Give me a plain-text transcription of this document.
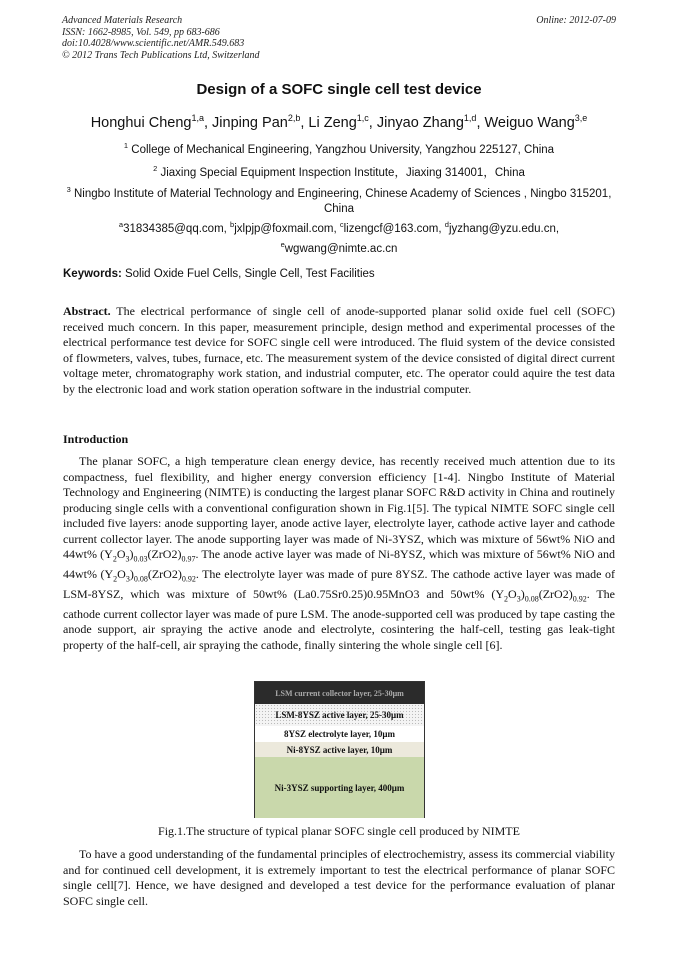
Advanced Materials Research
ISSN: 1662-8985, Vol. 549, pp 683-686
doi:10.4028/www.scientific.net/AMR.549.683
© 2012 Trans Tech Publications Ltd, Switzerland
Online: 2012-07-09
Design of a SOFC single cell test device
Honghui Cheng$^{1,a}$, Jinping Pan$^{2,b}$, Li Zeng$^{1,c}$, Jinyao Zhang$^{1,d}$, Weiguo Wang$^{3,e}$
$^1$ College of Mechanical Engineering, Yangzhou University, Yangzhou 225127, China
$^2$ Jiaxing Special Equipment Inspection Institute，Jiaxing 314001，China
$^3$ Ningbo Institute of Material Technology and Engineering, Chinese Academy of Sciences , Ningbo 315201, China
$^a$31834385@qq.com, $^b$jxlpjp@foxmail.com, $^c$lizengcf@163.com, $^d$jyzhang@yzu.edu.cn,
$^e$wgwang@nimte.ac.cn
Keywords: Solid Oxide Fuel Cells, Single Cell, Test Facilities
Abstract. The electrical performance of single cell of anode-supported planar solid oxide fuel cell (SOFC) received much concern. In this paper, measurement principle, design method and experimental processes of the electrical performance test device for SOFC single cell were introduced. The fluid system of the device consisted of flowmeters, valves, tubes, furnace, etc. The measurement system of the device consisted of digital direct current voltage meter, chromatography work station, and industrial computer, etc. The operator could aquire the test data by the electronic load and work station operation software in the industrial computer.
Introduction
The planar SOFC, a high temperature clean energy device, has recently received much attention due to its compactness, fuel flexibility, and higher energy conversion efficiency [1-4]. Ningbo Institute of Material Technology and Engineering (NIMTE) is conducting the largest planar SOFC R&D activity in China and routinely producing single cells with a conventional configuration shown in Fig.1[5]. The typical NIMTE SOFC single cell included five layers: anode supporting layer, anode active layer, electrolyte layer, cathode active layer and cathode current collector layer. The anode supporting layer was made of Ni-3YSZ, which was mixture of 56wt% NiO and 44wt% $(Y_2O_3)_{0.03}(ZrO2)_{0.97}$. The anode active layer was made of Ni-8YSZ, which was mixture of 56wt% NiO and 44wt% $(Y_2O_3)_{0.08}(ZrO2)_{0.92}$. The electrolyte layer was made of pure 8YSZ. The cathode active layer was made of LSM-8YSZ, which was mixture of 50wt% (La0.75Sr0.25)0.95MnO3 and 50wt% $(Y_2O_3)_{0.08}(ZrO2)_{0.92}$. The cathode current collector layer was made of pure LSM. The anode-supported cell was produced by tape casting the anode support, air spraying the active anode and electrolyte, cosintering the half-cell, testing gas leak-tight property of the half-cell, air spraying the cathode, finally sintering the whole single cell [6].
LSM current collector layer, 25-30μm
LSM-8YSZ active layer, 25-30μm
8YSZ electrolyte layer, 10μm
Ni-8YSZ active layer, 10μm
Ni-3YSZ supporting layer, 400μm
Fig.1.The structure of typical planar SOFC single cell produced by NIMTE
To have a good understanding of the fundamental principles of electrochemistry, assess its commercial viability and for continued cell development, it is extremely important to test the electrical performance of planar SOFC single cell[7]. Hence, we have designed and developed a test device for the performance evaluation of planar SOFC single cell.
